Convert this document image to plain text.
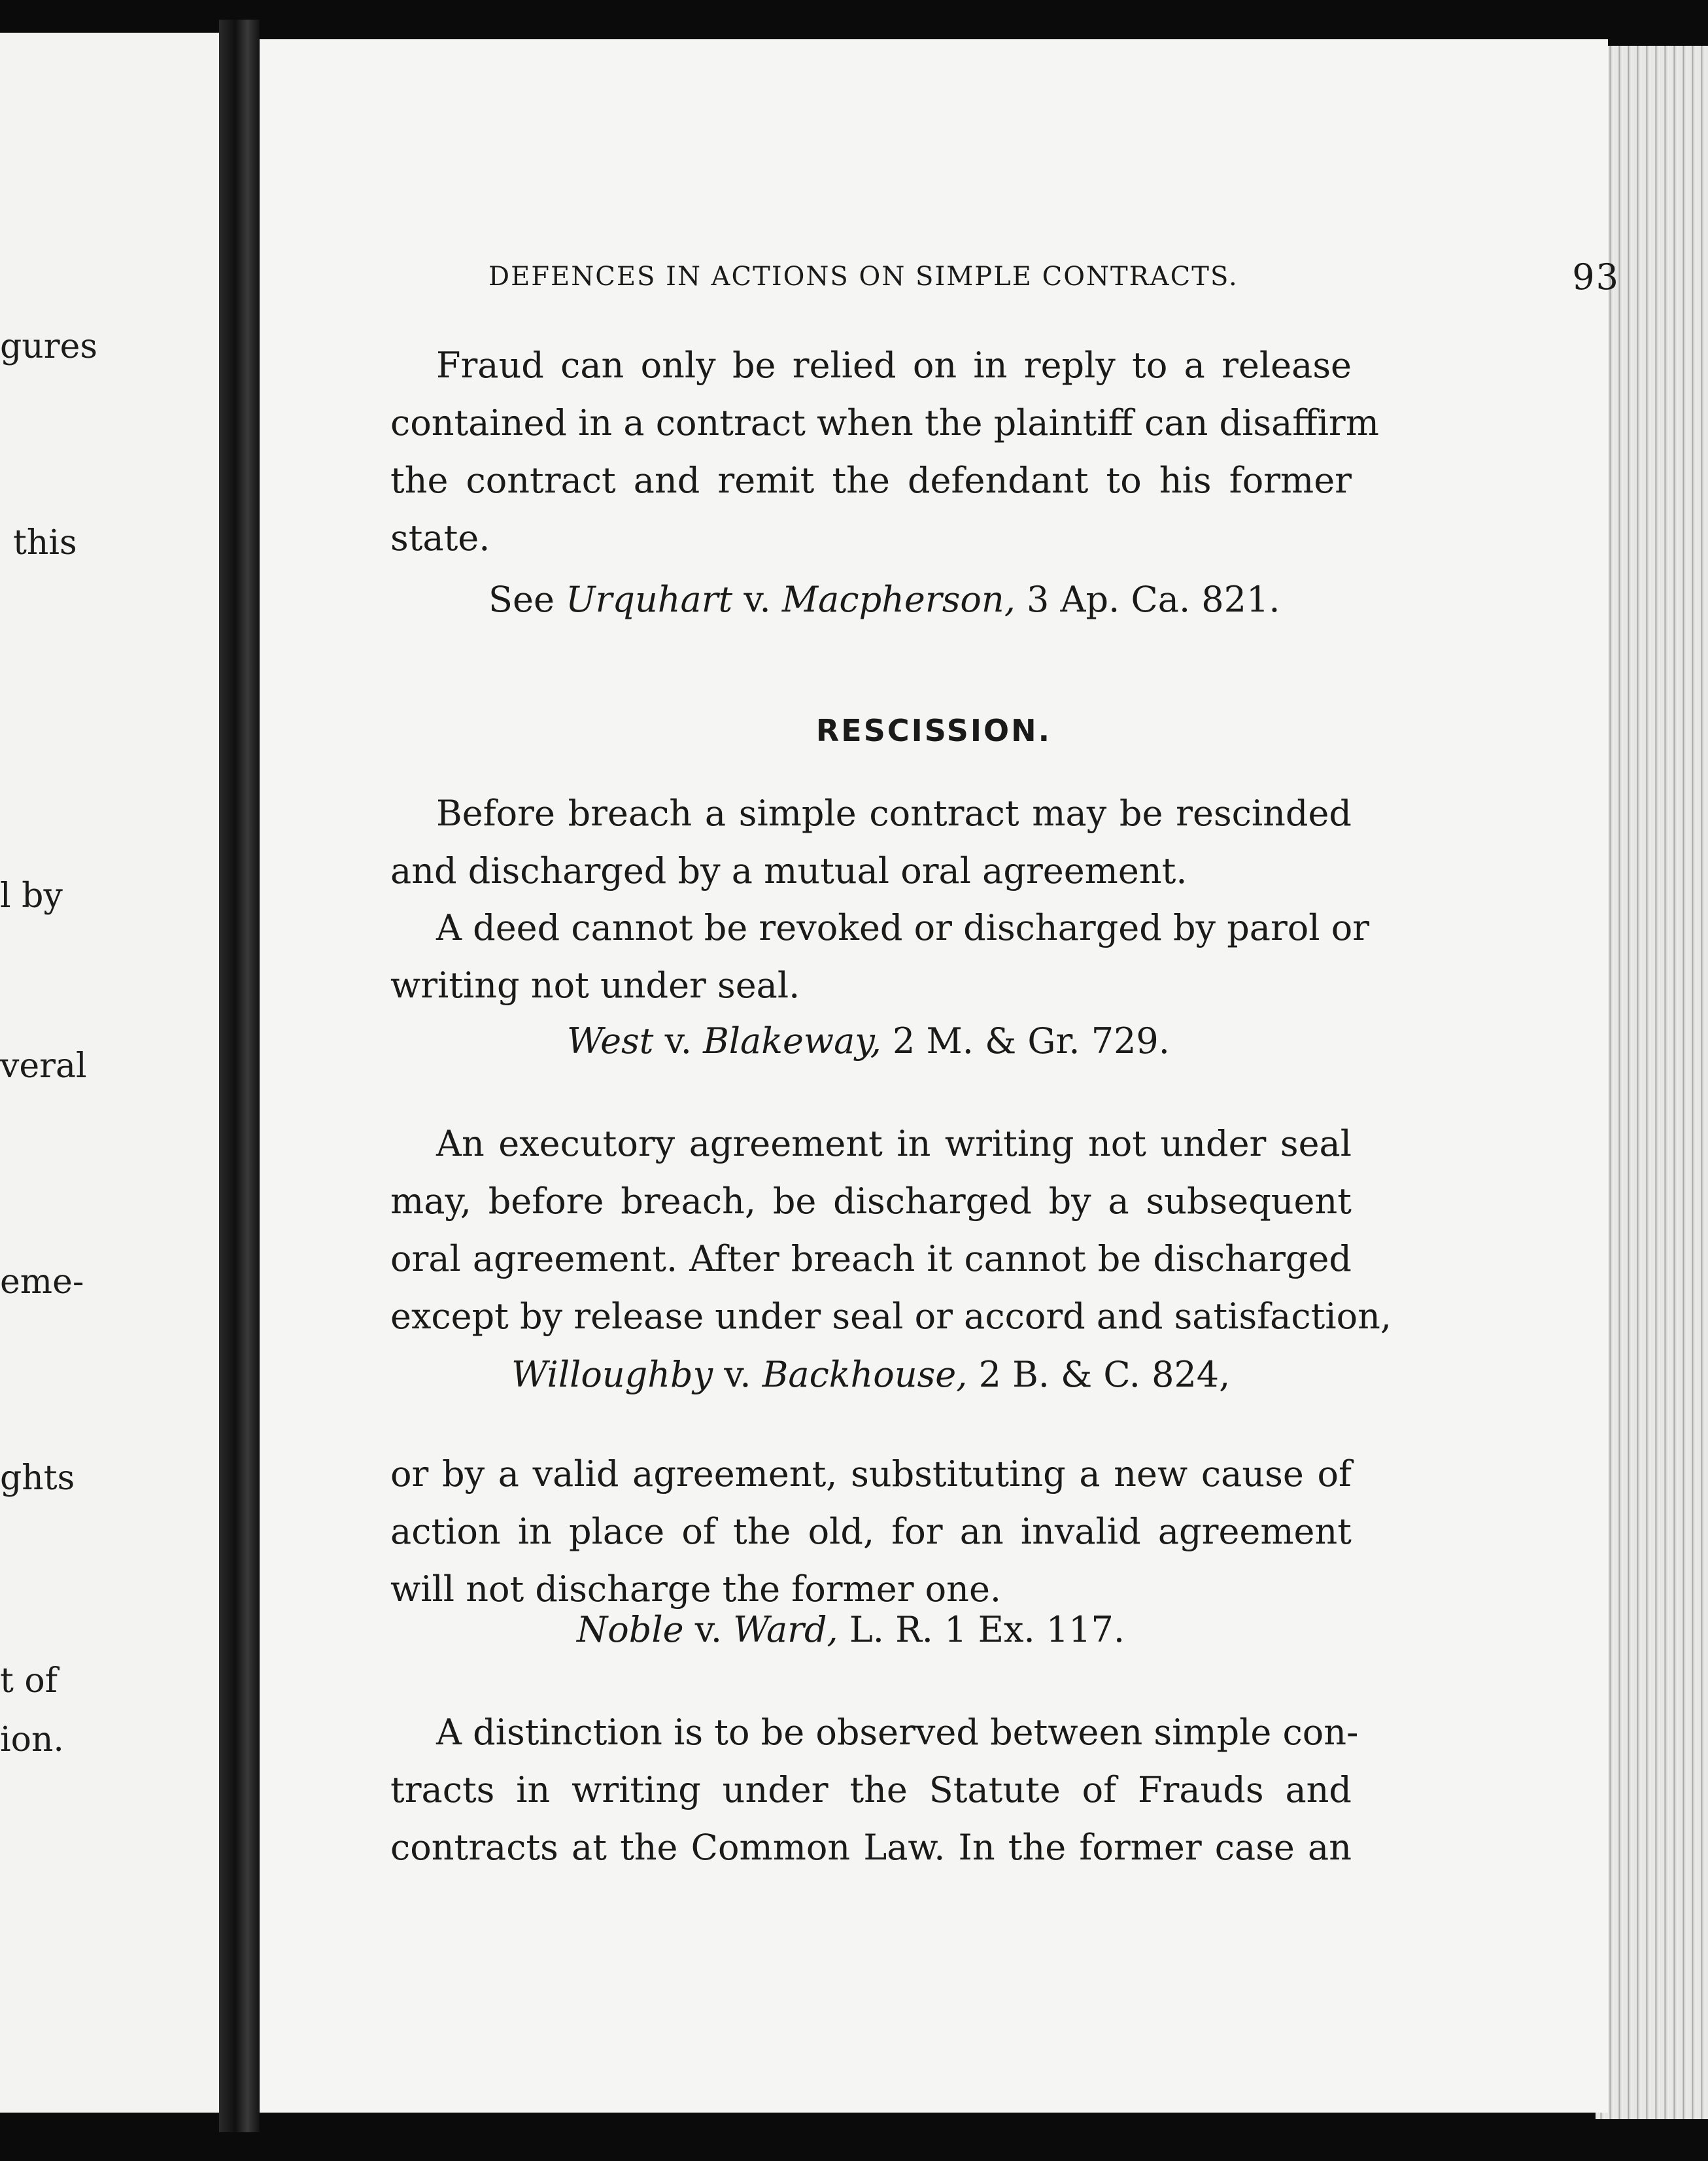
gures
this
l by
veral
eme-
ghts
t of
ion.
DEFENCES IN ACTIONS ON SIMPLE CONTRACTS.	93
Fraud can only be relied on in reply to a release
contained in a contract when the plaintiff can disaffirm
the contract and remit the defendant to his former
state.
See Urquhart v. Macpherson, 3 Ap. Ca. 821.
RESCISSION.
Before breach a simple contract may be rescinded
and discharged by a mutual oral agreement.
A deed cannot be revoked or discharged by parol or
writing not under seal.
West v. Blakeway, 2 M. & Gr. 729.
An executory agreement in writing not under seal
may, before breach, be discharged by a subsequent
oral agreement. After breach it cannot be discharged
except by release under seal or accord and satisfaction,
Willoughby v. Backhouse, 2 B. & C. 824,
or by a valid agreement, substituting a new cause of
action in place of the old, for an invalid agreement
will not discharge the former one.
Noble v. Ward, L. R. 1 Ex. 117.
A distinction is to be observed between simple con-
tracts in writing under the Statute of Frauds and
contracts at the Common Law. In the former case an
